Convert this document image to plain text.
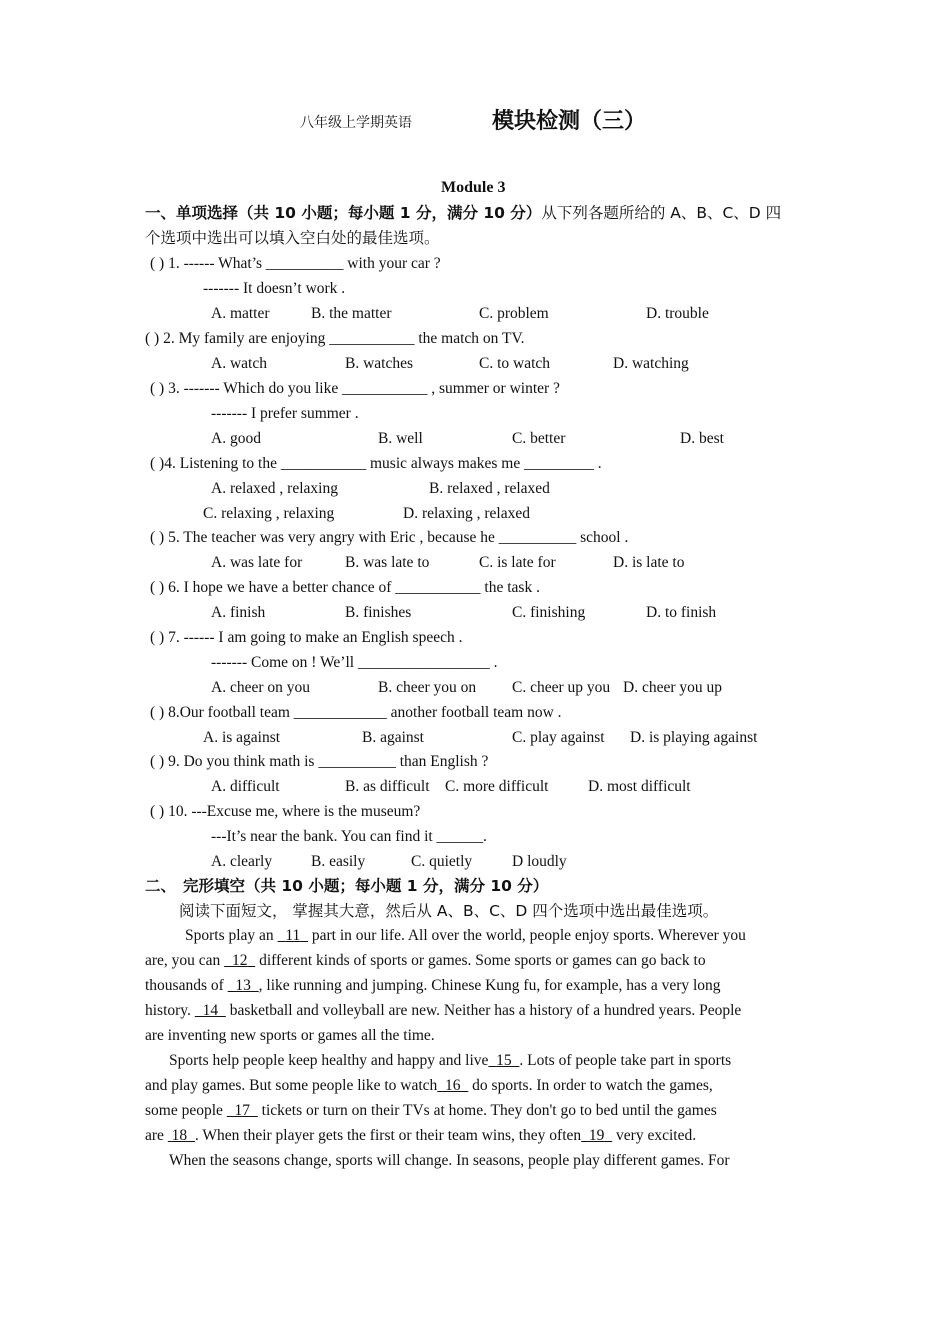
八年级上学期英语	模块检测（三）
Module 3
一、单项选择（共 10 小题；每小题 1 分，满分 10 分）从下列各题所给的 A、B、C、D 四
个选项中选出可以填入空白处的最佳选项。
( ) 1. ------ What’s __________ with your car ?
------- It doesn’t work .
A. matter	B. the matter	C. problem	D. trouble
( ) 2. My family are enjoying ___________ the match on TV.
A. watch	B. watches	C. to watch	D. watching
( ) 3. ------- Which do you like ___________ , summer or winter ?
------- I prefer summer .
A. good	B. well	C. better	D. best
( )4. Listening to the ___________ music always makes me _________ .
A. relaxed , relaxing	B. relaxed , relaxed
C. relaxing , relaxing	D. relaxing , relaxed
( ) 5. The teacher was very angry with Eric , because he __________ school .
A. was late for	B. was late to	C. is late for	D. is late to
( ) 6. I hope we have a better chance of ___________ the task .
A. finish	B. finishes	C. finishing	D. to finish
( ) 7. ------ I am going to make an English speech .
------- Come on ! We’ll _________________ .
A. cheer on you	B. cheer you on C. cheer up you D. cheer you up
( ) 8.Our football team ____________ another football team now .
A. is against	B. against	C. play against D. is playing against
( ) 9. Do you think math is __________ than English ?
A. difficult	B. as difficult C. more difficult	D. most difficult
( ) 10. ---Excuse me, where is the museum?
---It’s near the bank. You can find it ______.
A. clearly	B. easily	C. quietly	D loudly
二、 完形填空（共 10 小题；每小题 1 分，满分 10 分）
阅读下面短文， 掌握其大意，然后从 A、B、C、D 四个选项中选出最佳选项。
Sports play an   11   part in our life. All over the world, people enjoy sports. Wherever you
are, you can   12   different kinds of sports or games. Some sports or games can go back to
thousands of   13 , like running and jumping. Chinese Kung fu, for example, has a very long
history.   14   basketball and volleyball are new. Neither has a history of a hundred years. People
are inventing new sports or games all the time.
Sports help people keep healthy and happy and live 15 . Lots of people take part in sports
and play games. But some people like to watch 16   do sports. In order to watch the games,
some people   17   tickets or turn on their TVs at home. They don't go to bed until the games
are  18 . When their player gets the first or their team wins, they often 19   very excited.
When the seasons change, sports will change. In seasons, people play different games. For
